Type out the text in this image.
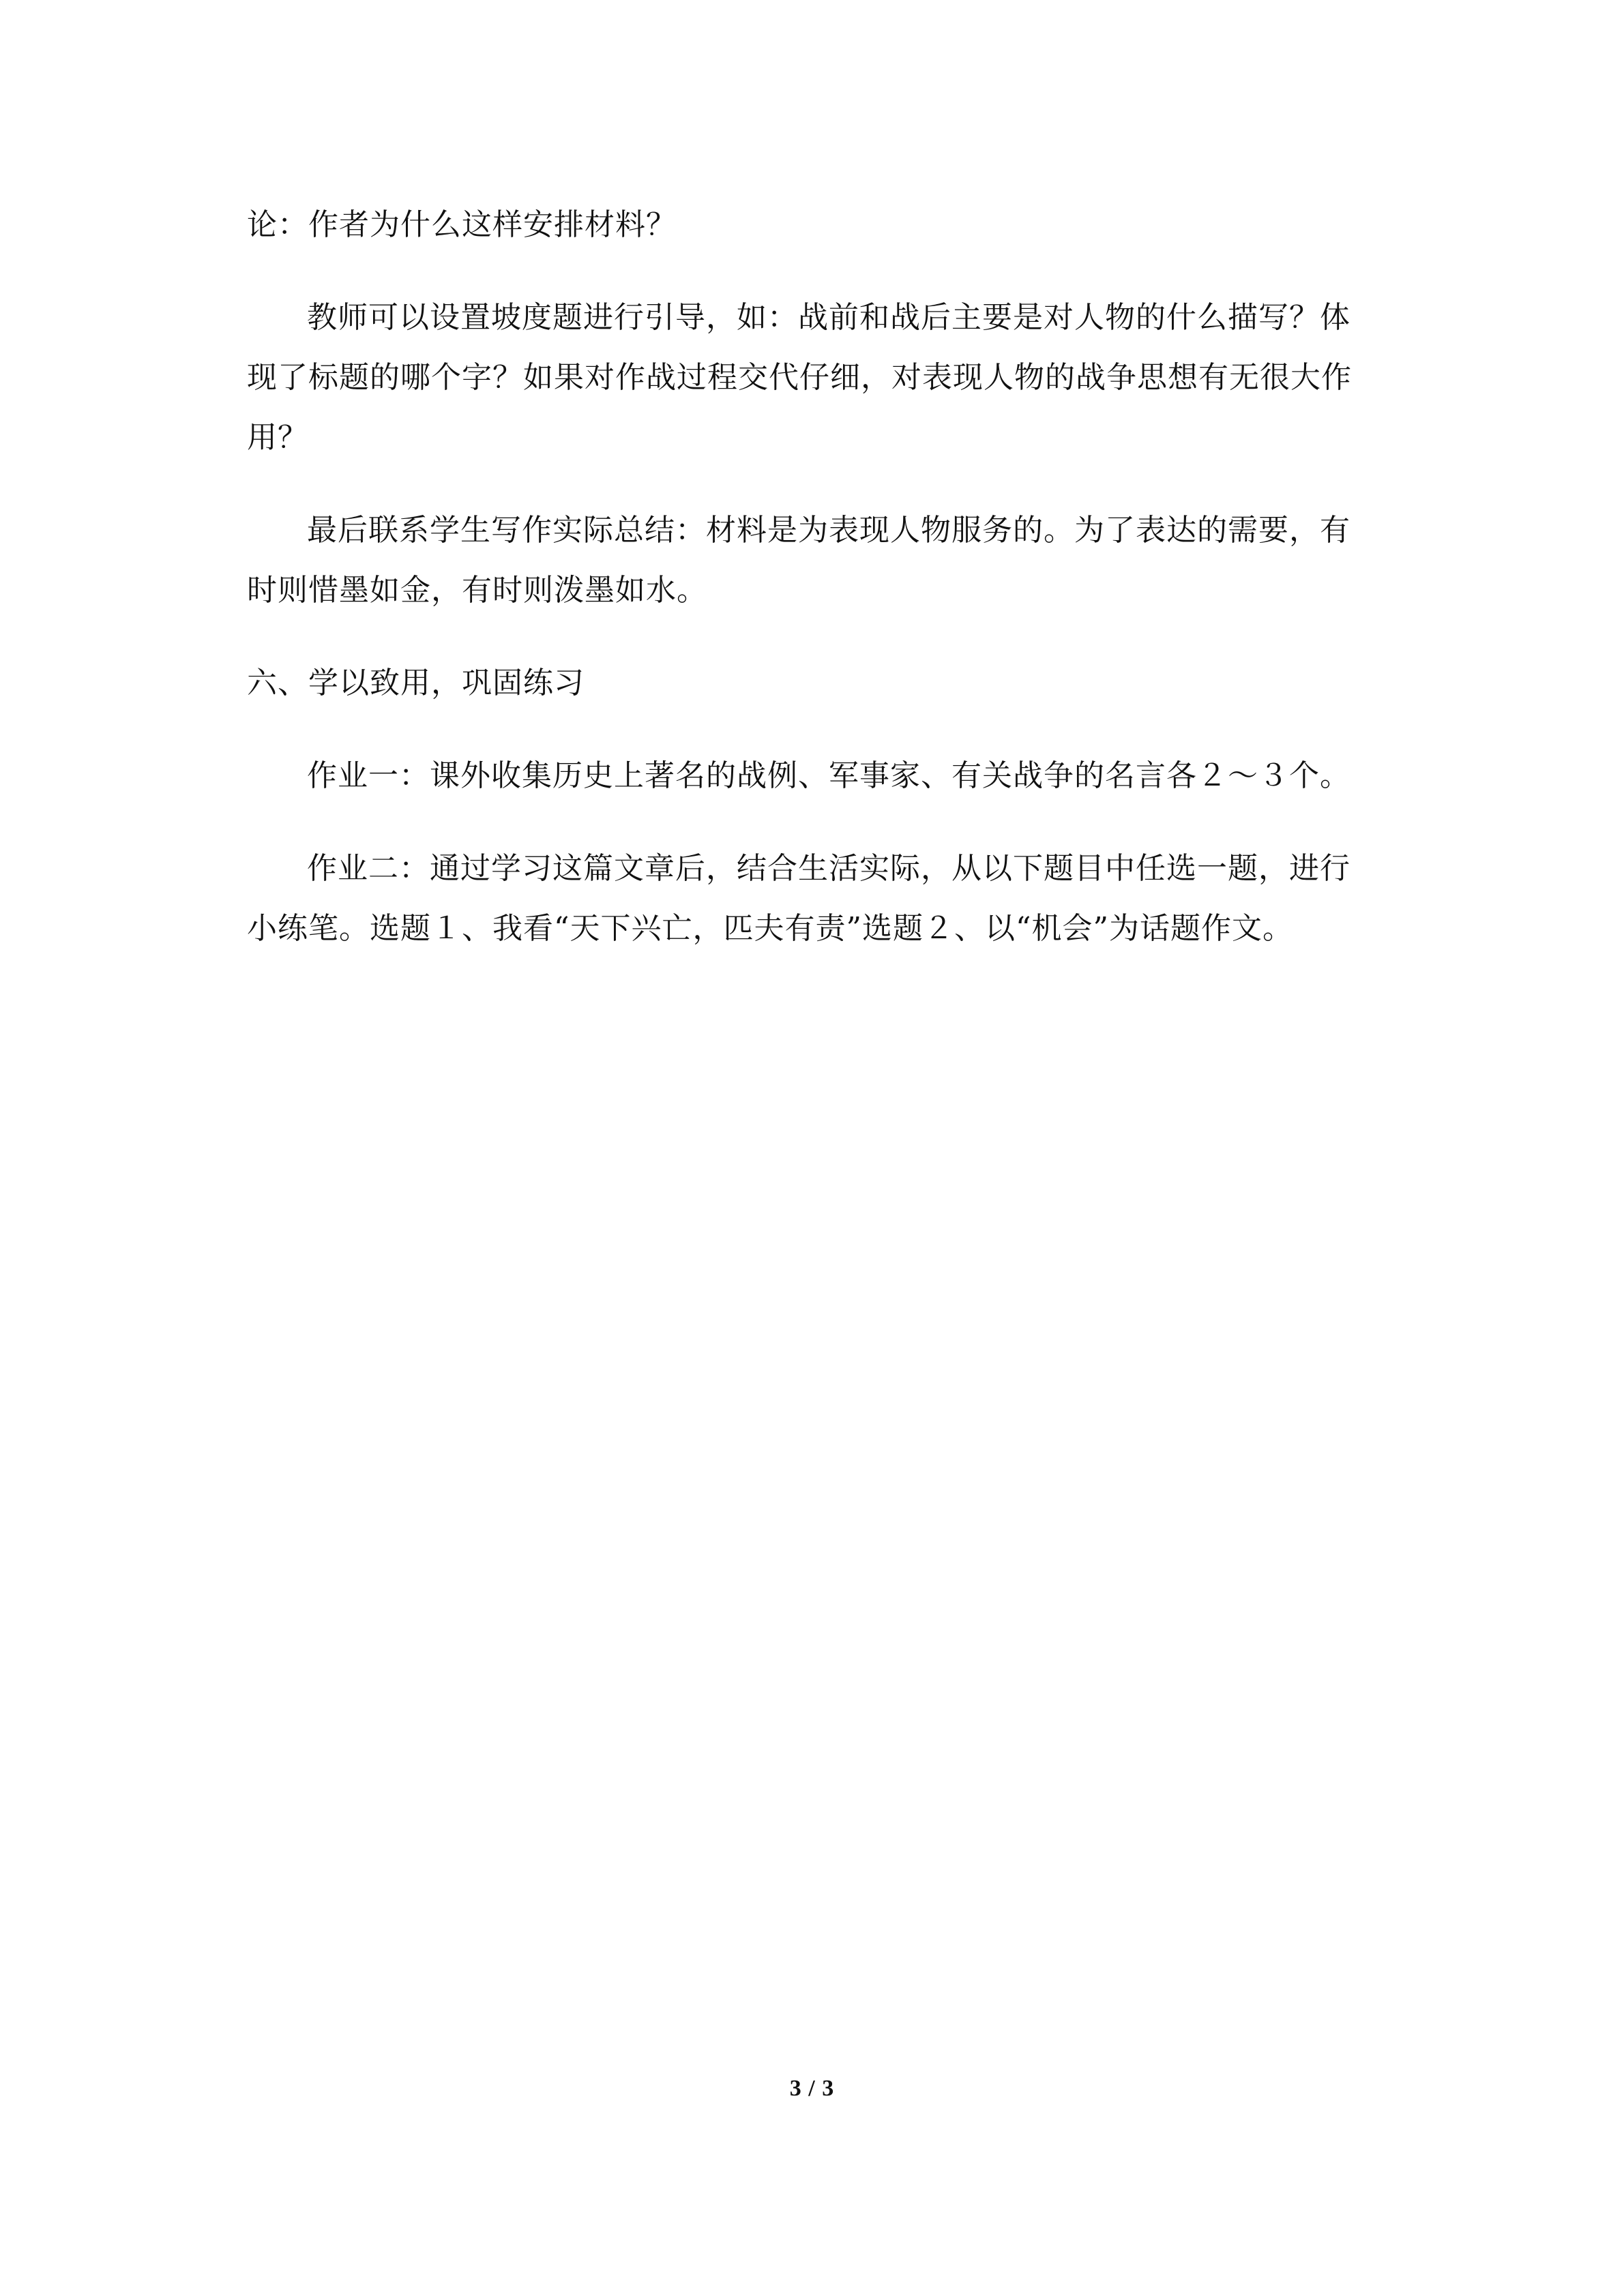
论：作者为什么这样安排材料？

教师可以设置坡度题进行引导，如：战前和战后主要是对人物的什么描写？体现了标题的哪个字？如果对作战过程交代仔细，对表现人物的战争思想有无很大作用？

最后联系学生写作实际总结：材料是为表现人物服务的。为了表达的需要，有时则惜墨如金，有时则泼墨如水。

六、学以致用，巩固练习

作业一：课外收集历史上著名的战例、军事家、有关战争的名言各２～３个。

作业二：通过学习这篇文章后，结合生活实际，从以下题目中任选一题，进行小练笔。选题１、我看“天下兴亡，匹夫有责”选题２、以“机会”为话题作文。

3 / 3
